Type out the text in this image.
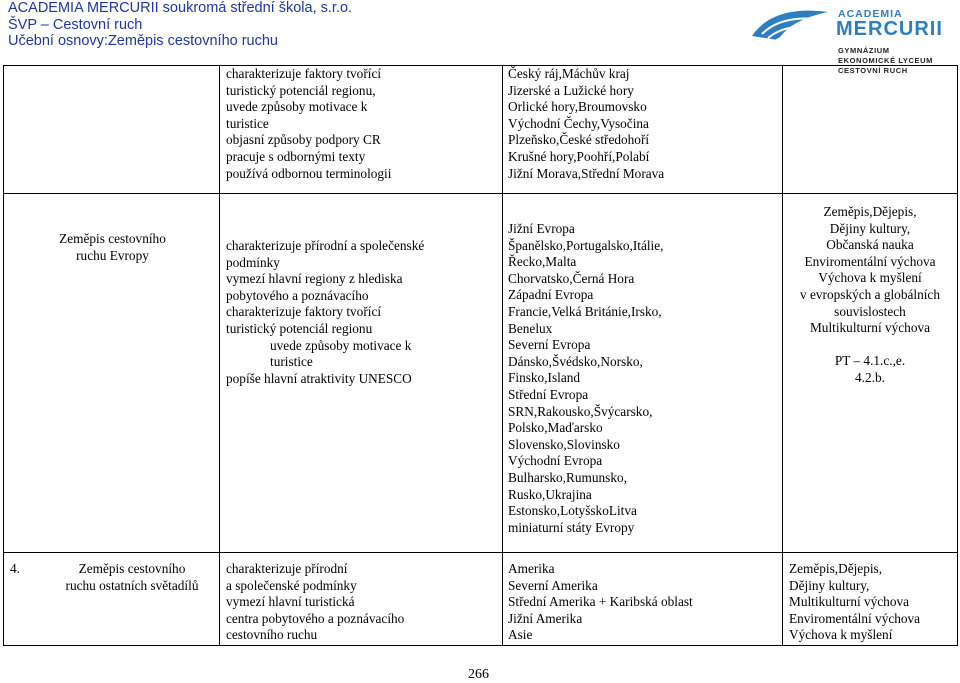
ACADEMIA MERCURII soukromá střední škola, s.r.o.
ŠVP – Cestovní ruch
Učební osnovy:Zeměpis cestovního ruchu
ACADEMIA
MERCURII
GYMNÁZIUM
EKONOMICKÉ LYCEUM
CESTOVNÍ RUCH
charakterizuje faktory tvořící
turistický potenciál regionu,
uvede způsoby motivace k
turistice
objasní způsoby podpory CR
pracuje s odbornými texty
používá odbornou terminologii
Český ráj,Máchův kraj
Jizerské a Lužické hory
Orlické hory,Broumovsko
Východní Čechy,Vysočina
Plzeňsko,České středohoří
Krušné hory,Poohří,Polabí
Jižní Morava,Střední Morava
Zeměpis cestovního
ruchu Evropy
charakterizuje přírodní a společenské
podmínky
vymezí hlavní regiony z hlediska
pobytového a poznávacího
charakterizuje faktory tvořící
turistický potenciál regionu
uvede způsoby motivace k
turistice
popíše hlavní atraktivity UNESCO
Jižní Evropa
Španělsko,Portugalsko,Itálie,
Řecko,Malta
Chorvatsko,Černá Hora
Západní Evropa
Francie,Velká Británie,Irsko,
Benelux
Severní Evropa
Dánsko,Švédsko,Norsko,
Finsko,Island
Střední Evropa
SRN,Rakousko,Švýcarsko,
Polsko,Maďarsko
Slovensko,Slovinsko
Východní Evropa
Bulharsko,Rumunsko,
Rusko,Ukrajina
Estonsko,LotyšskoLitva
miniaturní státy Evropy
Zeměpis,Dějepis,
Dějiny kultury,
Občanská nauka
Enviromentální výchova
Výchova k myšlení
v evropských a globálních
souvislostech
Multikulturní výchova
PT – 4.1.c.,e.
4.2.b.
4.	Zeměpis cestovního
ruchu ostatních světadílů
charakterizuje přírodní
a společenské podmínky
vymezí hlavní turistická
centra pobytového a poznávacího
cestovního ruchu
Amerika
Severní Amerika
Střední Amerika + Karibská oblast
Jižní Amerika
Asie
Zeměpis,Dějepis,
Dějiny kultury,
Multikulturní výchova
Enviromentální výchova
Výchova k myšlení
266
